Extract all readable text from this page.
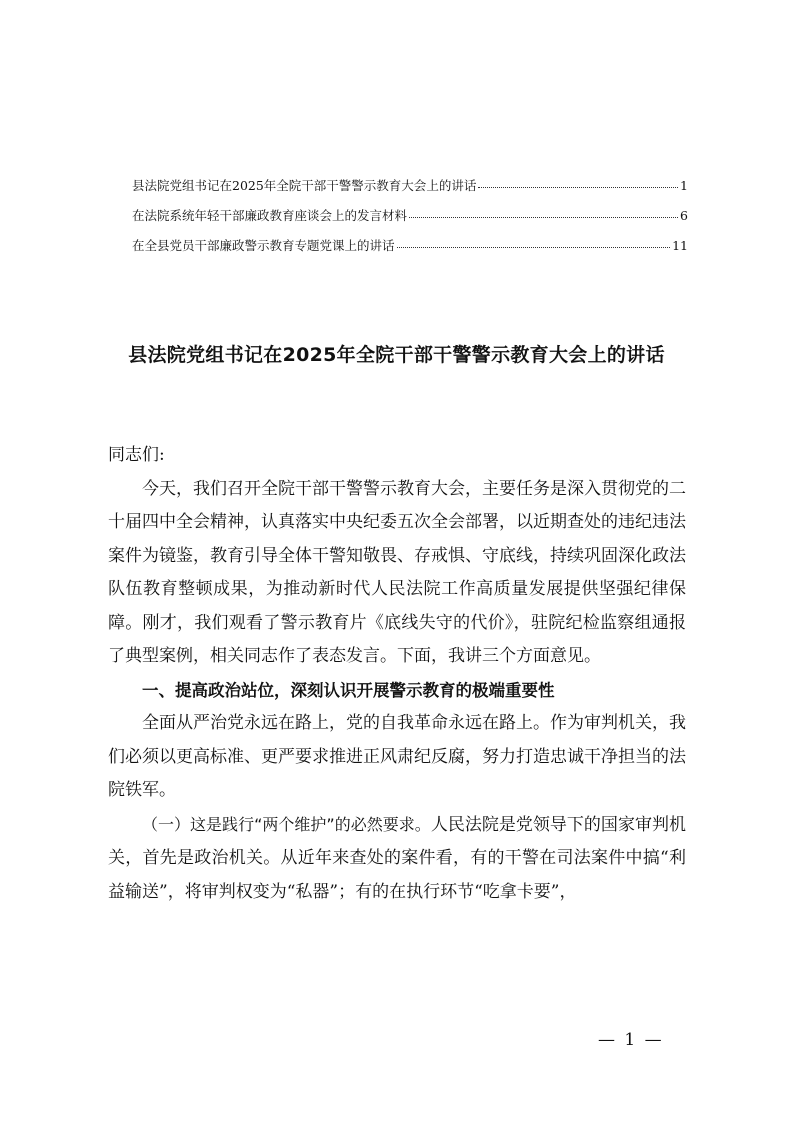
县法院党组书记在2025年全院干部干警警示教育大会上的讲话	1
在法院系统年轻干部廉政教育座谈会上的发言材料	6
在全县党员干部廉政警示教育专题党课上的讲话	11
县法院党组书记在2025年全院干部干警警示教育大会上的讲话

同志们:

今天，我们召开全院干部干警警示教育大会，主要任务是深入贯彻党的二十届四中全会精神，认真落实中央纪委五次全会部署，以近期查处的违纪违法案件为镜鉴，教育引导全体干警知敬畏、存戒惧、守底线，持续巩固深化政法队伍教育整顿成果，为推动新时代人民法院工作高质量发展提供坚强纪律保障。刚才，我们观看了警示教育片《底线失守的代价》，驻院纪检监察组通报了典型案例，相关同志作了表态发言。下面，我讲三个方面意见。

一、提高政治站位，深刻认识开展警示教育的极端重要性

全面从严治党永远在路上，党的自我革命永远在路上。作为审判机关，我们必须以更高标准、更严要求推进正风肃纪反腐，努力打造忠诚干净担当的法院铁军。

（一）这是践行“两个维护”的必然要求。人民法院是党领导下的国家审判机关，首先是政治机关。从近年来查处的案件看，有的干警在司法案件中搞“利益输送”，将审判权变为“私器”；有的在执行环节“吃拿卡要”，

— 1 —
